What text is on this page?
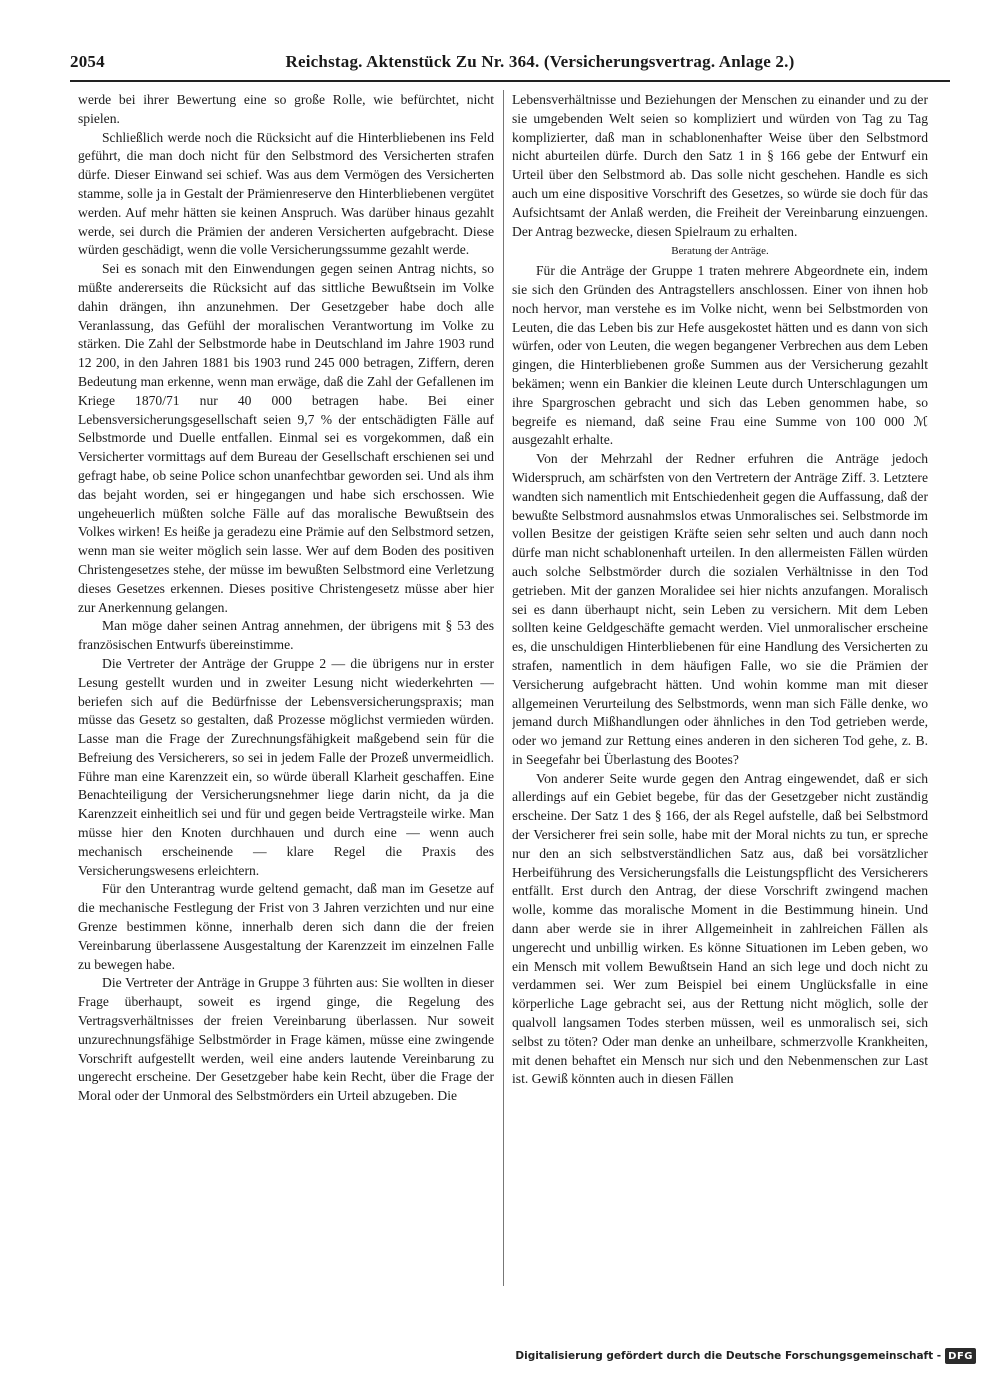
2054	Reichstag. Aktenstück Zu Nr. 364. (Versicherungsvertrag. Anlage 2.)

werde bei ihrer Bewertung eine so große Rolle, wie befürchtet, nicht spielen.

Schließlich werde noch die Rücksicht auf die Hinterbliebenen ins Feld geführt, die man doch nicht für den Selbstmord des Versicherten strafen dürfe. Dieser Einwand sei schief. Was aus dem Vermögen des Versicherten stamme, solle ja in Gestalt der Prämienreserve den Hinterbliebenen vergütet werden. Auf mehr hätten sie keinen Anspruch. Was darüber hinaus gezahlt werde, sei durch die Prämien der anderen Versicherten aufgebracht. Diese würden geschädigt, wenn die volle Versicherungssumme gezahlt werde.

Sei es sonach mit den Einwendungen gegen seinen Antrag nichts, so müßte andererseits die Rücksicht auf das sittliche Bewußtsein im Volke dahin drängen, ihn anzunehmen. Der Gesetzgeber habe doch alle Veranlassung, das Gefühl der moralischen Verantwortung im Volke zu stärken. Die Zahl der Selbstmorde habe in Deutschland im Jahre 1903 rund 12 200, in den Jahren 1881 bis 1903 rund 245 000 betragen, Ziffern, deren Bedeutung man erkenne, wenn man erwäge, daß die Zahl der Gefallenen im Kriege 1870/71 nur 40 000 betragen habe. Bei einer Lebensversicherungsgesellschaft seien 9,7 % der entschädigten Fälle auf Selbstmorde und Duelle entfallen. Einmal sei es vorgekommen, daß ein Versicherter vormittags auf dem Bureau der Gesellschaft erschienen sei und gefragt habe, ob seine Police schon unanfechtbar geworden sei. Und als ihm das bejaht worden, sei er hingegangen und habe sich erschossen. Wie ungeheuerlich müßten solche Fälle auf das moralische Bewußtsein des Volkes wirken! Es heiße ja geradezu eine Prämie auf den Selbstmord setzen, wenn man sie weiter möglich sein lasse. Wer auf dem Boden des positiven Christengesetzes stehe, der müsse im bewußten Selbstmord eine Verletzung dieses Gesetzes erkennen. Dieses positive Christengesetz müsse aber hier zur Anerkennung gelangen.

Man möge daher seinen Antrag annehmen, der übrigens mit § 53 des französischen Entwurfs übereinstimme.

Die Vertreter der Anträge der Gruppe 2 — die übrigens nur in erster Lesung gestellt wurden und in zweiter Lesung nicht wiederkehrten — beriefen sich auf die Bedürfnisse der Lebensversicherungspraxis; man müsse das Gesetz so gestalten, daß Prozesse möglichst vermieden würden. Lasse man die Frage der Zurechnungsfähigkeit maßgebend sein für die Befreiung des Versicherers, so sei in jedem Falle der Prozeß unvermeidlich. Führe man eine Karenzzeit ein, so würde überall Klarheit geschaffen. Eine Benachteiligung der Versicherungsnehmer liege darin nicht, da ja die Karenzzeit einheitlich sei und für und gegen beide Vertragsteile wirke. Man müsse hier den Knoten durchhauen und durch eine — wenn auch mechanisch erscheinende — klare Regel die Praxis des Versicherungswesens erleichtern.

Für den Unterantrag wurde geltend gemacht, daß man im Gesetze auf die mechanische Festlegung der Frist von 3 Jahren verzichten und nur eine Grenze bestimmen könne, innerhalb deren sich dann die der freien Vereinbarung überlassene Ausgestaltung der Karenzzeit im einzelnen Falle zu bewegen habe.

Die Vertreter der Anträge in Gruppe 3 führten aus: Sie wollten in dieser Frage überhaupt, soweit es irgend ginge, die Regelung des Vertragsverhältnisses der freien Vereinbarung überlassen. Nur soweit unzurechnungsfähige Selbstmörder in Frage kämen, müsse eine zwingende Vorschrift aufgestellt werden, weil eine anders lautende Vereinbarung zu ungerecht erscheine. Der Gesetzgeber habe kein Recht, über die Frage der Moral oder der Unmoral des Selbstmörders ein Urteil abzugeben. Die

Lebensverhältnisse und Beziehungen der Menschen zu einander und zu der sie umgebenden Welt seien so kompliziert und würden von Tag zu Tag komplizierter, daß man in schablonenhafter Weise über den Selbstmord nicht aburteilen dürfe. Durch den Satz 1 in § 166 gebe der Entwurf ein Urteil über den Selbstmord ab. Das solle nicht geschehen. Handle es sich auch um eine dispositive Vorschrift des Gesetzes, so würde sie doch für das Aufsichtsamt der Anlaß werden, die Freiheit der Vereinbarung einzuengen. Der Antrag bezwecke, diesen Spielraum zu erhalten.

Beratung der Anträge.

Für die Anträge der Gruppe 1 traten mehrere Abgeordnete ein, indem sie sich den Gründen des Antragstellers anschlossen. Einer von ihnen hob noch hervor, man verstehe es im Volke nicht, wenn bei Selbstmorden von Leuten, die das Leben bis zur Hefe ausgekostet hätten und es dann von sich würfen, oder von Leuten, die wegen begangener Verbrechen aus dem Leben gingen, die Hinterbliebenen große Summen aus der Versicherung gezahlt bekämen; wenn ein Bankier die kleinen Leute durch Unterschlagungen um ihre Spargroschen gebracht und sich das Leben genommen habe, so begreife es niemand, daß seine Frau eine Summe von 100 000 ℳ ausgezahlt erhalte.

Von der Mehrzahl der Redner erfuhren die Anträge jedoch Widerspruch, am schärfsten von den Vertretern der Anträge Ziff. 3. Letztere wandten sich namentlich mit Entschiedenheit gegen die Auffassung, daß der bewußte Selbstmord ausnahmslos etwas Unmoralisches sei. Selbstmorde im vollen Besitze der geistigen Kräfte seien sehr selten und auch dann noch dürfe man nicht schablonenhaft urteilen. In den allermeisten Fällen würden auch solche Selbstmörder durch die sozialen Verhältnisse in den Tod getrieben. Mit der ganzen Moralidee sei hier nichts anzufangen. Moralisch sei es dann überhaupt nicht, sein Leben zu versichern. Mit dem Leben sollten keine Geldgeschäfte gemacht werden. Viel unmoralischer erscheine es, die unschuldigen Hinterbliebenen für eine Handlung des Versicherten zu strafen, namentlich in dem häufigen Falle, wo sie die Prämien der Versicherung aufgebracht hätten. Und wohin komme man mit dieser allgemeinen Verurteilung des Selbstmords, wenn man sich Fälle denke, wo jemand durch Mißhandlungen oder ähnliches in den Tod getrieben werde, oder wo jemand zur Rettung eines anderen in den sicheren Tod gehe, z. B. in Seegefahr bei Überlastung des Bootes?

Von anderer Seite wurde gegen den Antrag eingewendet, daß er sich allerdings auf ein Gebiet begebe, für das der Gesetzgeber nicht zuständig erscheine. Der Satz 1 des § 166, der als Regel aufstelle, daß bei Selbstmord der Versicherer frei sein solle, habe mit der Moral nichts zu tun, er spreche nur den an sich selbstverständlichen Satz aus, daß bei vorsätzlicher Herbeiführung des Versicherungsfalls die Leistungspflicht des Versicherers entfällt. Erst durch den Antrag, der diese Vorschrift zwingend machen wolle, komme das moralische Moment in die Bestimmung hinein. Und dann aber werde sie in ihrer Allgemeinheit in zahlreichen Fällen als ungerecht und unbillig wirken. Es könne Situationen im Leben geben, wo ein Mensch mit vollem Bewußtsein Hand an sich lege und doch nicht zu verdammen sei. Wer zum Beispiel bei einem Unglücksfalle in eine körperliche Lage gebracht sei, aus der Rettung nicht möglich, solle der qualvoll langsamen Todes sterben müssen, weil es unmoralisch sei, sich selbst zu töten? Oder man denke an unheilbare, schmerzvolle Krankheiten, mit denen behaftet ein Mensch nur sich und den Nebenmenschen zur Last ist. Gewiß könnten auch in diesen Fällen

Digitalisierung gefördert durch die Deutsche Forschungsgemeinschaft - DFG
